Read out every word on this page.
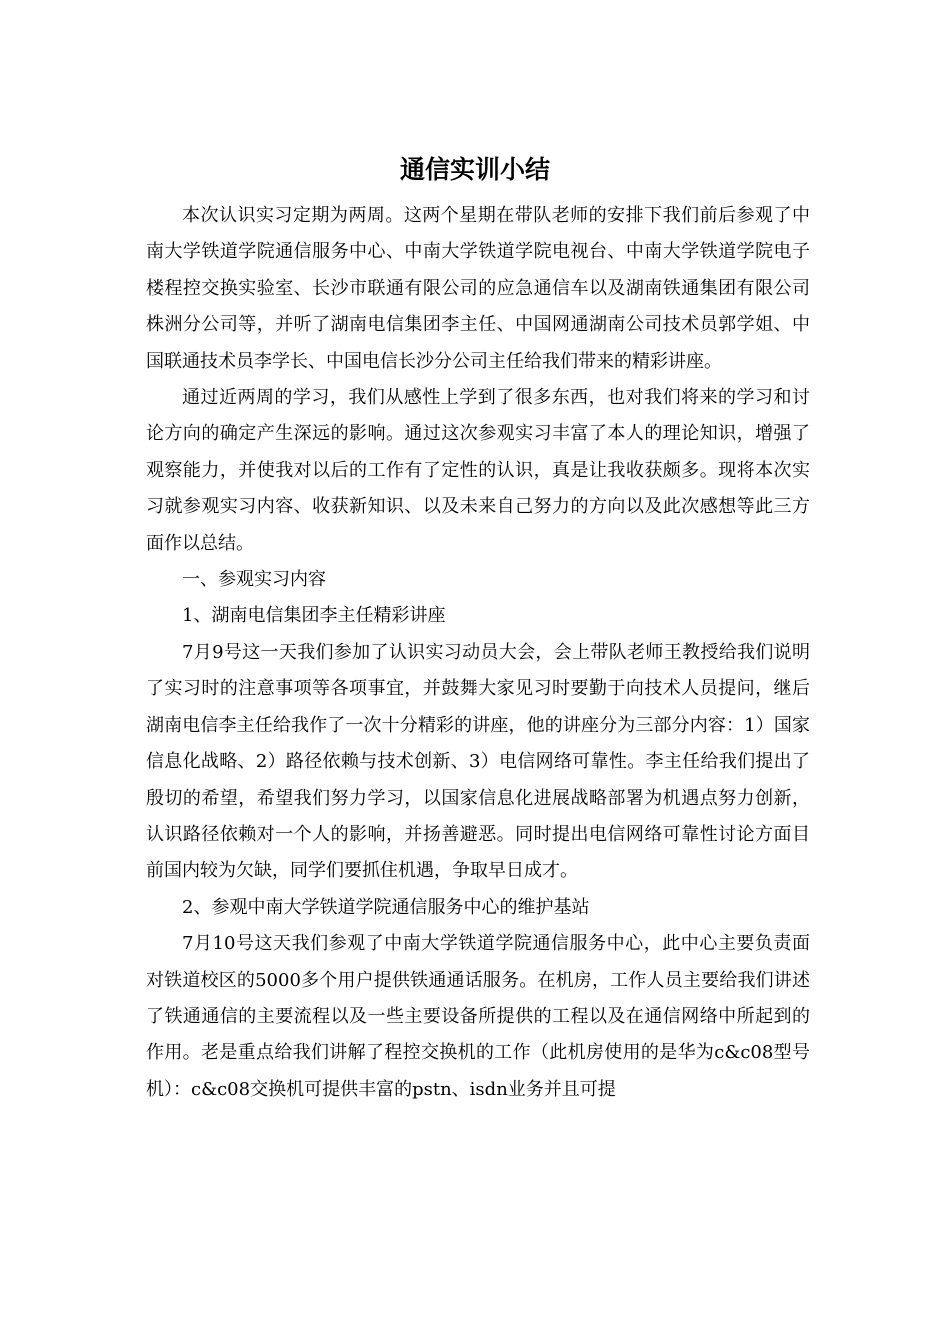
通信实训小结

本次认识实习定期为两周。这两个星期在带队老师的安排下我们前后参观了中南大学铁道学院通信服务中心、中南大学铁道学院电视台、中南大学铁道学院电子楼程控交换实验室、长沙市联通有限公司的应急通信车以及湖南铁通集团有限公司株洲分公司等，并听了湖南电信集团李主任、中国网通湖南公司技术员郭学姐、中国联通技术员李学长、中国电信长沙分公司主任给我们带来的精彩讲座。

通过近两周的学习，我们从感性上学到了很多东西，也对我们将来的学习和讨论方向的确定产生深远的影响。通过这次参观实习丰富了本人的理论知识，增强了观察能力，并使我对以后的工作有了定性的认识，真是让我收获颇多。现将本次实习就参观实习内容、收获新知识、以及未来自己努力的方向以及此次感想等此三方面作以总结。

一、参观实习内容

1、湖南电信集团李主任精彩讲座

7月9号这一天我们参加了认识实习动员大会，会上带队老师王教授给我们说明了实习时的注意事项等各项事宜，并鼓舞大家见习时要勤于向技术人员提问，继后湖南电信李主任给我作了一次十分精彩的讲座，他的讲座分为三部分内容：1）国家信息化战略、2）路径依赖与技术创新、3）电信网络可靠性。李主任给我们提出了殷切的希望，希望我们努力学习，以国家信息化进展战略部署为机遇点努力创新，认识路径依赖对一个人的影响，并扬善避恶。同时提出电信网络可靠性讨论方面目前国内较为欠缺，同学们要抓住机遇，争取早日成才。

2、参观中南大学铁道学院通信服务中心的维护基站

7月10号这天我们参观了中南大学铁道学院通信服务中心，此中心主要负责面对铁道校区的5000多个用户提供铁通通话服务。在机房，工作人员主要给我们讲述了铁通通信的主要流程以及一些主要设备所提供的工程以及在通信网络中所起到的作用。老是重点给我们讲解了程控交换机的工作（此机房使用的是华为c&c08型号机）：c&c08交换机可提供丰富的pstn、isdn业务并且可提
